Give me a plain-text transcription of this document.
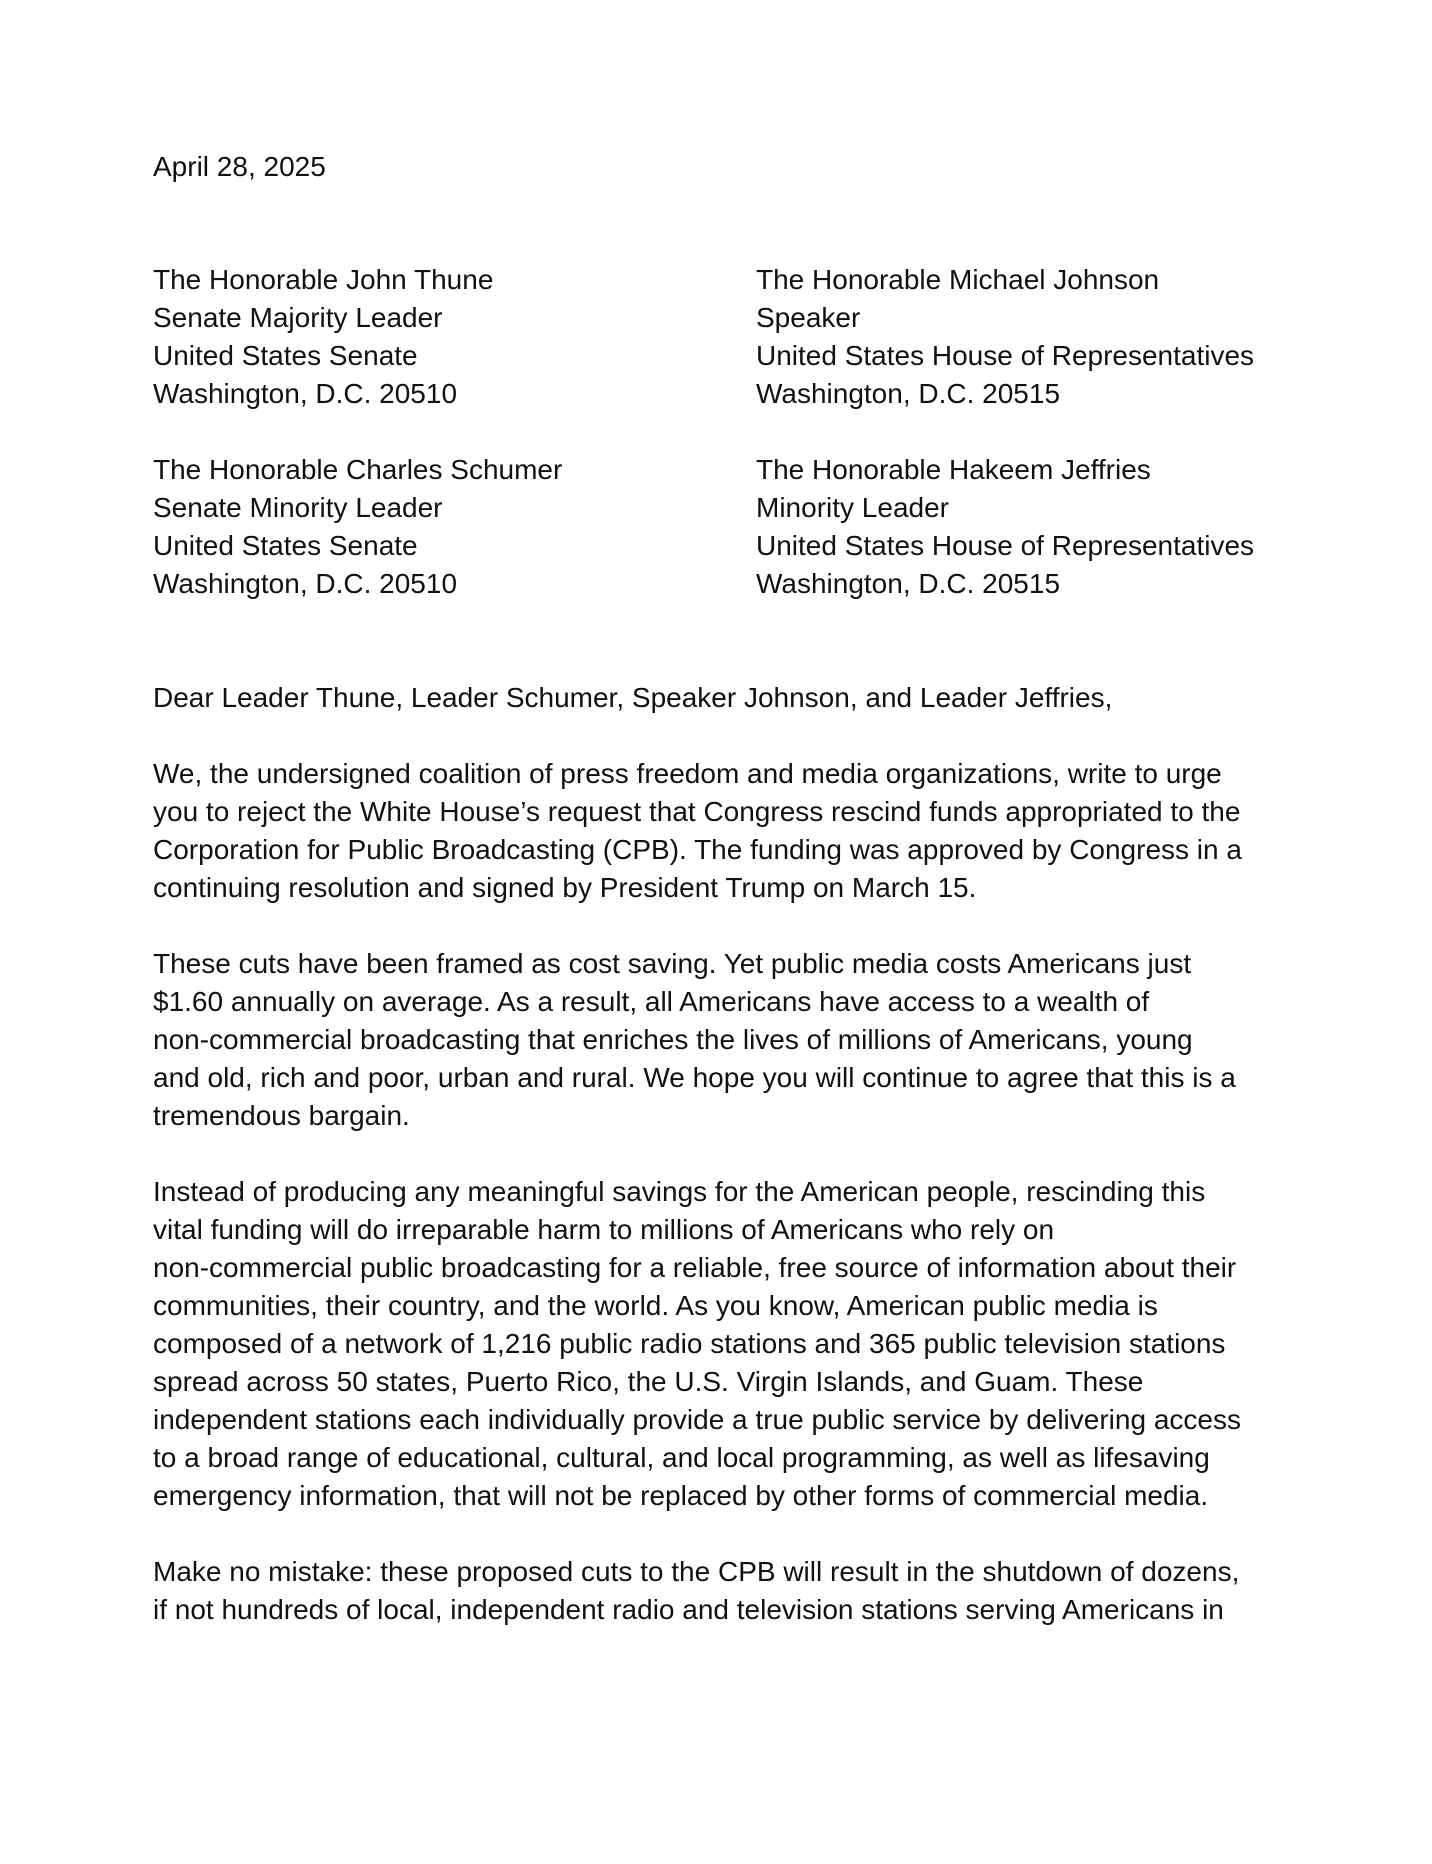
April 28, 2025

The Honorable John Thune
Senate Majority Leader
United States Senate
Washington, D.C. 20510
The Honorable Michael Johnson
Speaker
United States House of Representatives
Washington, D.C. 20515
The Honorable Charles Schumer
Senate Minority Leader
United States Senate
Washington, D.C. 20510
The Honorable Hakeem Jeffries
Minority Leader
United States House of Representatives
Washington, D.C. 20515

Dear Leader Thune, Leader Schumer, Speaker Johnson, and Leader Jeffries,

We, the undersigned coalition of press freedom and media organizations, write to urge
you to reject the White House’s request that Congress rescind funds appropriated to the
Corporation for Public Broadcasting (CPB). The funding was approved by Congress in a
continuing resolution and signed by President Trump on March 15.

These cuts have been framed as cost saving. Yet public media costs Americans just
$1.60 annually on average. As a result, all Americans have access to a wealth of
non-commercial broadcasting that enriches the lives of millions of Americans, young
and old, rich and poor, urban and rural. We hope you will continue to agree that this is a
tremendous bargain.

Instead of producing any meaningful savings for the American people, rescinding this
vital funding will do irreparable harm to millions of Americans who rely on
non-commercial public broadcasting for a reliable, free source of information about their
communities, their country, and the world. As you know, American public media is
composed of a network of 1,216 public radio stations and 365 public television stations
spread across 50 states, Puerto Rico, the U.S. Virgin Islands, and Guam. These
independent stations each individually provide a true public service by delivering access
to a broad range of educational, cultural, and local programming, as well as lifesaving
emergency information, that will not be replaced by other forms of commercial media.

Make no mistake: these proposed cuts to the CPB will result in the shutdown of dozens,
if not hundreds of local, independent radio and television stations serving Americans in
